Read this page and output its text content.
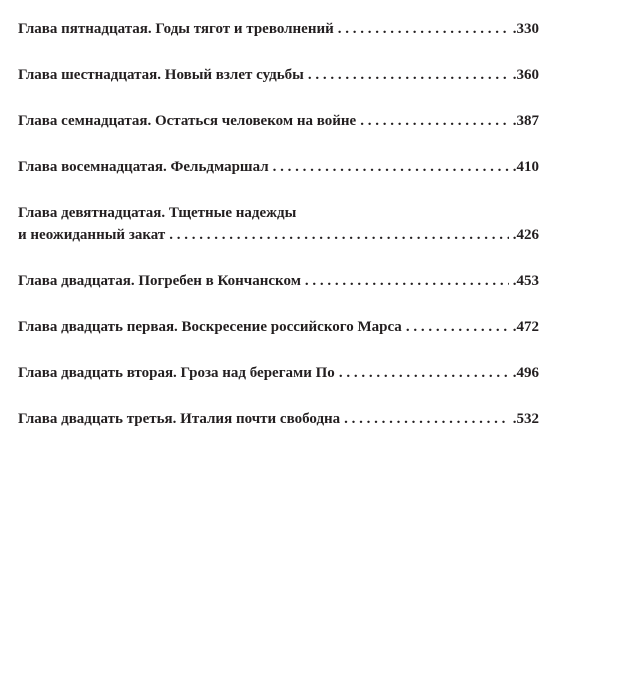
Глава пятнадцатая. Годы тягот и треволнений . . .	.330
Глава шестнадцатая. Новый взлет судьбы . . .	.360
Глава семнадцатая. Остаться человеком на войне . . .	.387
Глава восемнадцатая. Фельдмаршал . . .	.410
Глава девятнадцатая. Тщетные надежды
и неожиданный закат . . .	.426
Глава двадцатая. Погребен в Кончанском . . .	.453
Глава двадцать первая. Воскресение российского Марса . . .	.472
Глава двадцать вторая. Гроза над берегами По . . .	.496
Глава двадцать третья. Италия почти свободна . . .	.532
